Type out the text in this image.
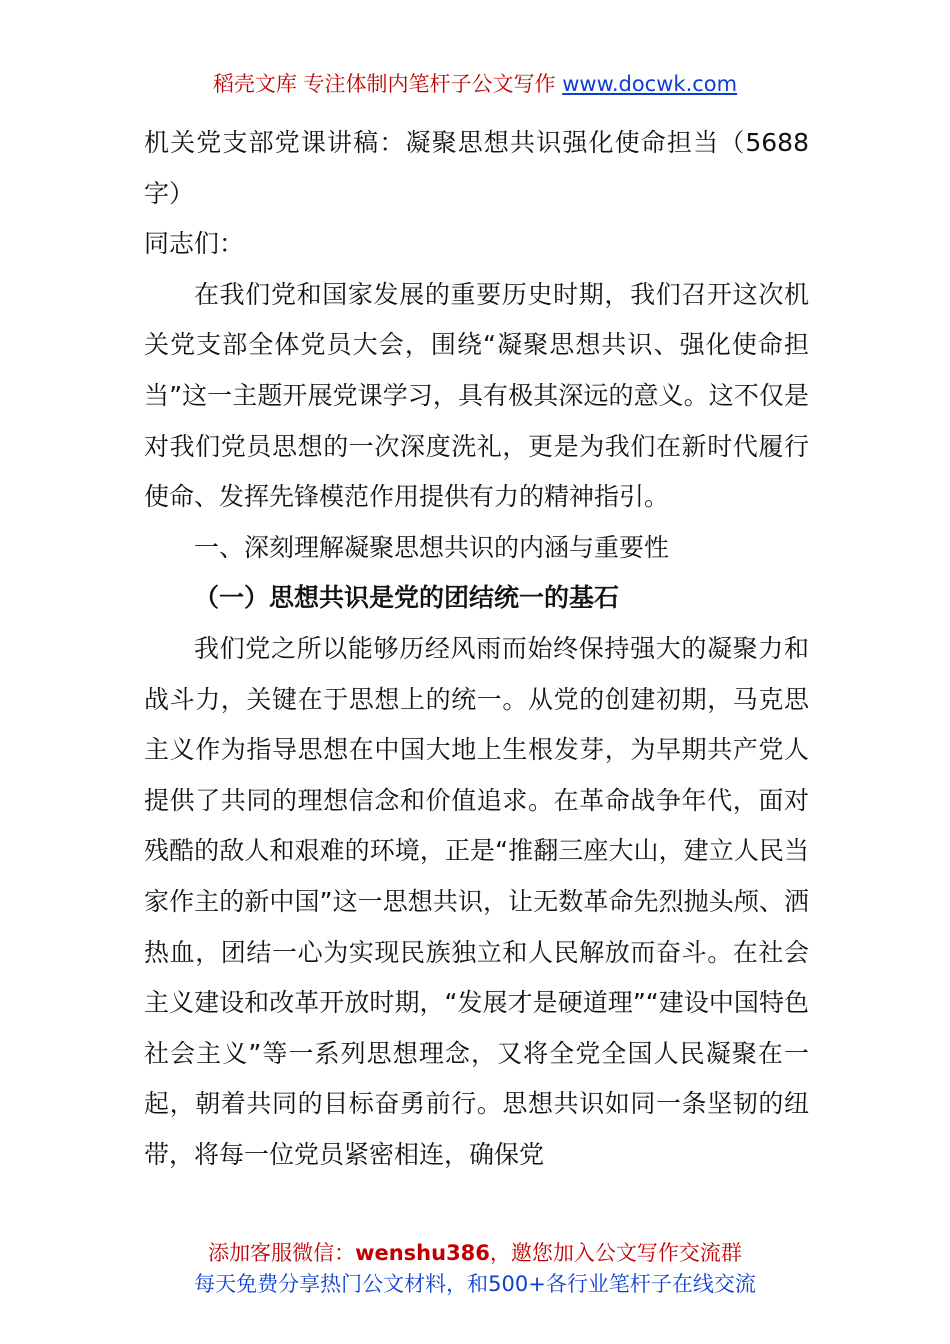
稻壳文库 专注体制内笔杆子公文写作 www.docwk.com

机关党支部党课讲稿：凝聚思想共识强化使命担当（5688字）

同志们：

在我们党和国家发展的重要历史时期，我们召开这次机关党支部全体党员大会，围绕“凝聚思想共识、强化使命担当”这一主题开展党课学习，具有极其深远的意义。这不仅是对我们党员思想的一次深度洗礼，更是为我们在新时代履行使命、发挥先锋模范作用提供有力的精神指引。

一、深刻理解凝聚思想共识的内涵与重要性

（一）思想共识是党的团结统一的基石

我们党之所以能够历经风雨而始终保持强大的凝聚力和战斗力，关键在于思想上的统一。从党的创建初期，马克思主义作为指导思想在中国大地上生根发芽，为早期共产党人提供了共同的理想信念和价值追求。在革命战争年代，面对残酷的敌人和艰难的环境，正是“推翻三座大山，建立人民当家作主的新中国”这一思想共识，让无数革命先烈抛头颅、洒热血，团结一心为实现民族独立和人民解放而奋斗。在社会主义建设和改革开放时期，“发展才是硬道理”“建设中国特色社会主义”等一系列思想理念，又将全党全国人民凝聚在一起，朝着共同的目标奋勇前行。思想共识如同一条坚韧的纽带，将每一位党员紧密相连，确保党

添加客服微信：wenshu386，邀您加入公文写作交流群
每天免费分享热门公文材料，和500+各行业笔杆子在线交流
